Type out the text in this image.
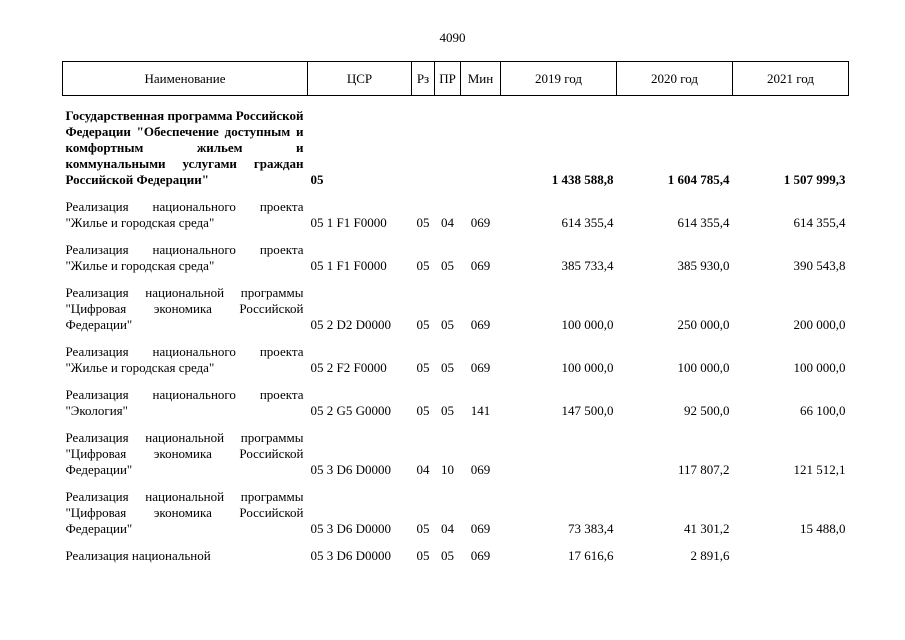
4090
Наименование	ЦСР	Рз	ПР	Мин	2019 год	2020 год	2021 год

Государственная программа Российской Федерации "Обеспечение доступным и комфортным жильем и коммунальными услугами граждан Российской Федерации"	05				1 438 588,8	1 604 785,4	1 507 999,3
Реализация национального проекта "Жилье и городская среда"	05 1 F1 F0000	05	04	069	614 355,4	614 355,4	614 355,4
Реализация национального проекта "Жилье и городская среда"	05 1 F1 F0000	05	05	069	385 733,4	385 930,0	390 543,8
Реализация национальной программы "Цифровая экономика Российской Федерации"	05 2 D2 D0000	05	05	069	100 000,0	250 000,0	200 000,0
Реализация национального проекта "Жилье и городская среда"	05 2 F2 F0000	05	05	069	100 000,0	100 000,0	100 000,0
Реализация национального проекта "Экология"	05 2 G5 G0000	05	05	141	147 500,0	92 500,0	66 100,0
Реализация национальной программы "Цифровая экономика Российской Федерации"	05 3 D6 D0000	04	10	069		117 807,2	121 512,1
Реализация национальной программы "Цифровая экономика Российской Федерации"	05 3 D6 D0000	05	04	069	73 383,4	41 301,2	15 488,0
Реализация национальной	05 3 D6 D0000	05	05	069	17 616,6	2 891,6	
